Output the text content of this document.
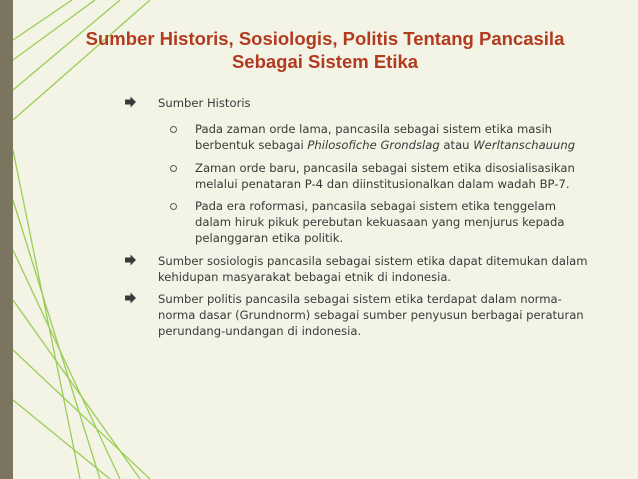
Sumber Historis, Sosiologis, Politis Tentang Pancasila
Sebagai Sistem Etika
Sumber Historis
Pada zaman orde lama, pancasila sebagai sistem etika masih berbentuk sebagai Philosofiche Grondslag atau Werltanschauung
Zaman orde baru, pancasila sebagai sistem etika disosialisasikan melalui penataran P-4 dan diinstitusionalkan dalam wadah BP-7.
Pada era roformasi, pancasila sebagai sistem etika tenggelam dalam hiruk pikuk perebutan kekuasaan yang menjurus kepada pelanggaran etika politik.
Sumber sosiologis pancasila sebagai sistem etika dapat ditemukan dalam kehidupan masyarakat bebagai etnik di indonesia.
Sumber politis pancasila sebagai sistem etika terdapat dalam norma-norma dasar (Grundnorm) sebagai sumber penyusun berbagai peraturan perundang-undangan di indonesia.
